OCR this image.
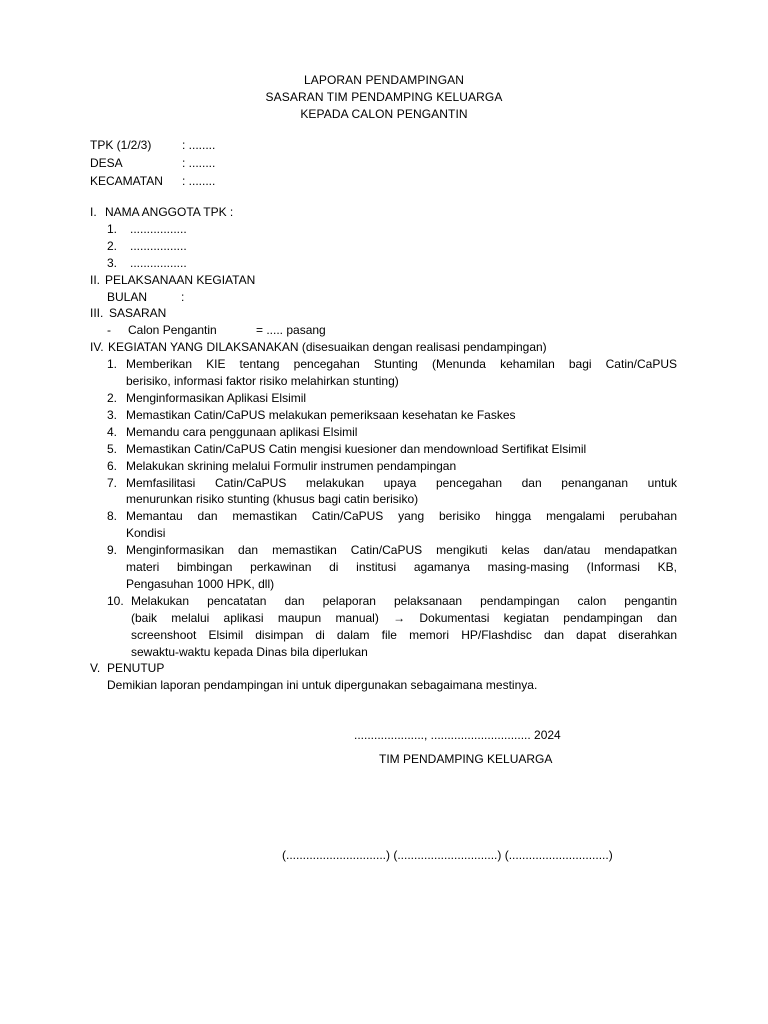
LAPORAN PENDAMPINGAN
SASARAN TIM PENDAMPING KELUARGA
KEPADA CALON PENGANTIN
TPK (1/2/3)	: ........
DESA	: ........
KECAMATAN	: ........
I. NAMA ANGGOTA TPK :
1.	.................
2.	.................
3.	.................
II. PELAKSANAAN KEGIATAN
BULAN	:
III. SASARAN
-	Calon Pengantin	= ..... pasang
IV. KEGIATAN YANG DILAKSANAKAN (disesuaikan dengan realisasi pendampingan)
1. Memberikan KIE tentang pencegahan Stunting (Menunda kehamilan bagi Catin/CaPUS
berisiko, informasi faktor risiko melahirkan stunting)
2. Menginformasikan Aplikasi Elsimil
3. Memastikan Catin/CaPUS melakukan pemeriksaan kesehatan ke Faskes
4. Memandu cara penggunaan aplikasi Elsimil
5. Memastikan Catin/CaPUS Catin mengisi kuesioner dan mendownload Sertifikat Elsimil
6. Melakukan skrining melalui Formulir instrumen pendampingan
7. Memfasilitasi Catin/CaPUS melakukan upaya pencegahan dan penanganan untuk
menurunkan risiko stunting (khusus bagi catin berisiko)
8. Memantau dan memastikan Catin/CaPUS yang berisiko hingga mengalami perubahan
Kondisi
9. Menginformasikan dan memastikan Catin/CaPUS mengikuti kelas dan/atau mendapatkan
materi bimbingan perkawinan di institusi agamanya masing-masing (Informasi KB,
Pengasuhan 1000 HPK, dll)
10. Melakukan pencatatan dan pelaporan pelaksanaan pendampingan calon pengantin
(baik melalui aplikasi maupun manual) → Dokumentasi kegiatan pendampingan dan
screenshoot Elsimil disimpan di dalam file memori HP/Flashdisc dan dapat diserahkan
sewaktu-waktu kepada Dinas bila diperlukan
V. PENUTUP
Demikian laporan pendampingan ini untuk dipergunakan sebagaimana mestinya.
....................., .............................. 2024
TIM PENDAMPING KELUARGA
(..............................) (..............................) (..............................)
